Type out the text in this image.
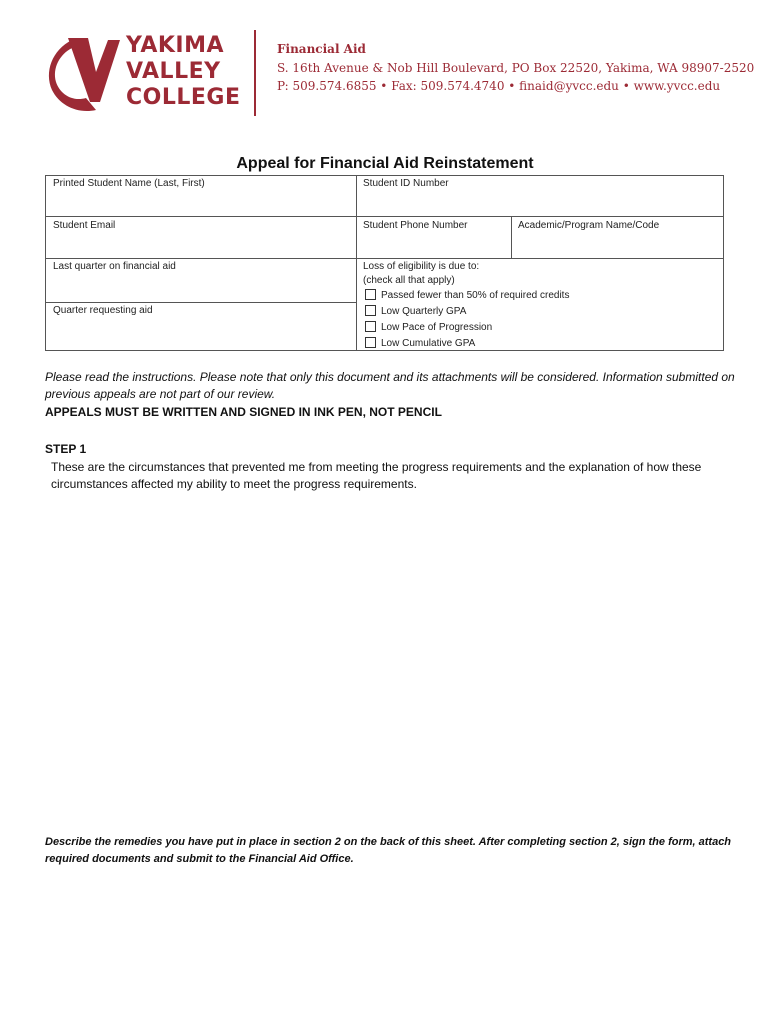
YAKIMA
VALLEY
COLLEGE
Financial Aid
S. 16th Avenue & Nob Hill Boulevard, PO Box 22520, Yakima, WA 98907-2520
P: 509.574.6855 • Fax: 509.574.4740 • finaid@yvcc.edu • www.yvcc.edu
Appeal for Financial Aid Reinstatement
Printed Student Name (Last, First)	Student ID Number
Student Email	Student Phone Number	Academic/Program Name/Code
Last quarter on financial aid
Quarter requesting aid
Loss of eligibility is due to:
(check all that apply)
Passed fewer than 50% of required credits
Low Quarterly GPA
Low Pace of Progression
Low Cumulative GPA
Please read the instructions. Please note that only this document and its attachments will be considered. Information submitted on previous appeals are not part of our review.
APPEALS MUST BE WRITTEN AND SIGNED IN INK PEN, NOT PENCIL
STEP 1
These are the circumstances that prevented me from meeting the progress requirements and the explanation of how these circumstances affected my ability to meet the progress requirements.
Describe the remedies you have put in place in section 2 on the back of this sheet. After completing section 2, sign the form, attach required documents and submit to the Financial Aid Office.
